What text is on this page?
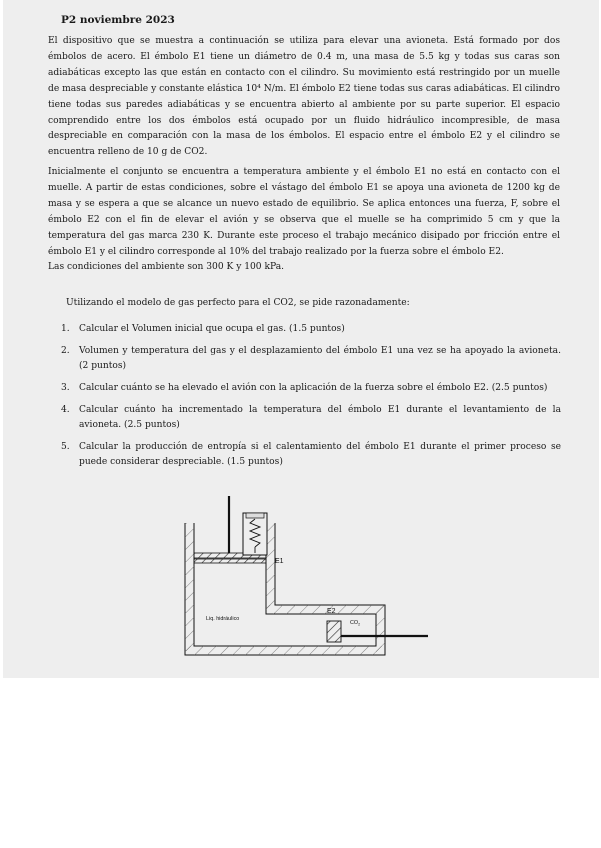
P2 noviembre 2023
El dispositivo que se muestra a continuación se utiliza para elevar una avioneta. Está formado por dos émbolos de acero. El émbolo E1 tiene un diámetro de 0.4 m, una masa de 5.5 kg y todas sus caras son adiabáticas excepto las que están en contacto con el cilindro. Su movimiento está restringido por un muelle de masa despreciable y constante elástica 10⁴ N/m. El émbolo E2 tiene todas sus caras adiabáticas. El cilindro tiene todas sus paredes adiabáticas y se encuentra abierto al ambiente por su parte superior. El espacio comprendido entre los dos émbolos está ocupado por un fluido hidráulico incompresible, de masa despreciable en comparación con la masa de los émbolos. El espacio entre el émbolo E2 y el cilindro se encuentra relleno de 10 g de CO2.
Inicialmente el conjunto se encuentra a temperatura ambiente y el émbolo E1 no está en contacto con el muelle. A partir de estas condiciones, sobre el vástago del émbolo E1 se apoya una avioneta de 1200 kg de masa y se espera a que se alcance un nuevo estado de equilibrio. Se aplica entonces una fuerza, F, sobre el émbolo E2 con el fin de elevar el avión y se observa que el muelle se ha comprimido 5 cm y que la temperatura del gas marca 230 K. Durante este proceso el trabajo mecánico disipado por fricción entre el émbolo E1 y el cilindro corresponde al 10% del trabajo realizado por la fuerza sobre el émbolo E2.
Las condiciones del ambiente son 300 K y 100 kPa.
Utilizando el modelo de gas perfecto para el CO2, se pide razonadamente:
1. Calcular el Volumen inicial que ocupa el gas. (1.5 puntos)
2. Volumen y temperatura del gas y el desplazamiento del émbolo E1 una vez se ha apoyado la avioneta. (2 puntos)
3. Calcular cuánto se ha elevado el avión con la aplicación de la fuerza sobre el émbolo E2. (2.5 puntos)
4. Calcular cuánto ha incrementado la temperatura del émbolo E1 durante el levantamiento de la avioneta. (2.5 puntos)
5. Calcular la producción de entropía si el calentamiento del émbolo E1 durante el primer proceso se puede considerar despreciable. (1.5 puntos)
E1
E2
Liq. hidráulico
$CO_2$
